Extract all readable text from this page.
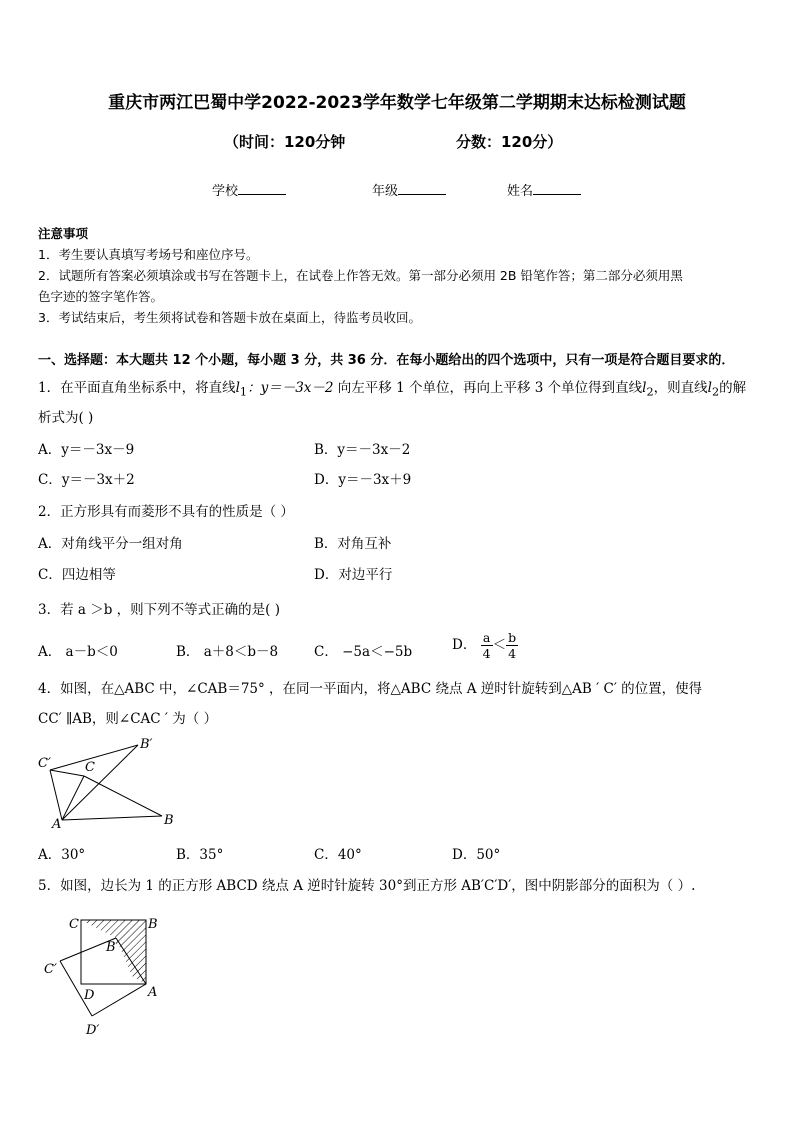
重庆市两江巴蜀中学2022-2023学年数学七年级第二学期期末达标检测试题
（时间：120分钟	分数：120分）
学校	年级	姓名
注意事项
1．考生要认真填写考场号和座位序号。
2．试题所有答案必须填涂或书写在答题卡上，在试卷上作答无效。第一部分必须用 2B 铅笔作答；第二部分必须用黑
色字迹的签字笔作答。
3．考试结束后，考生须将试卷和答题卡放在桌面上，待监考员收回。
一、选择题：本大题共 12 个小题，每小题 3 分，共 36 分．在每小题给出的四个选项中，只有一项是符合题目要求的．
1．在平面直角坐标系中，将直线$l_1$：y＝－3x－2 向左平移 1 个单位，再向上平移 3 个单位得到直线$l_2$，则直线$l_2$的解
析式为( )
A．y＝－3x－9	B．y＝－3x－2
C．y＝－3x＋2	D．y＝－3x＋9
2．正方形具有而菱形不具有的性质是（ ）
A．对角线平分一组对角	B．对角互补
C．四边相等	D．对边平行
3．若 a ＞b ，则下列不等式正确的是( )
A． a－b＜0	B． a＋8＜b－8	C． −5a＜−5b	D． $\frac{a}{4} < \frac{b}{4}$
4．如图，在△ABC 中，∠CAB＝75° ，在同一平面内，将△ABC 绕点 A 逆时针旋转到△AB ′ C′ 的位置，使得
CC′ ∥AB，则∠CAC ′ 为（ ）
C′	C
B′
A	B
A．30°	B．35°	C．40°	D．50°
5．如图，边长为 1 的正方形 ABCD 绕点 A 逆时针旋转 30°到正方形 AB′C′D′，图中阴影部分的面积为（ ）.
C	B
B′
C′
D	A
D′
